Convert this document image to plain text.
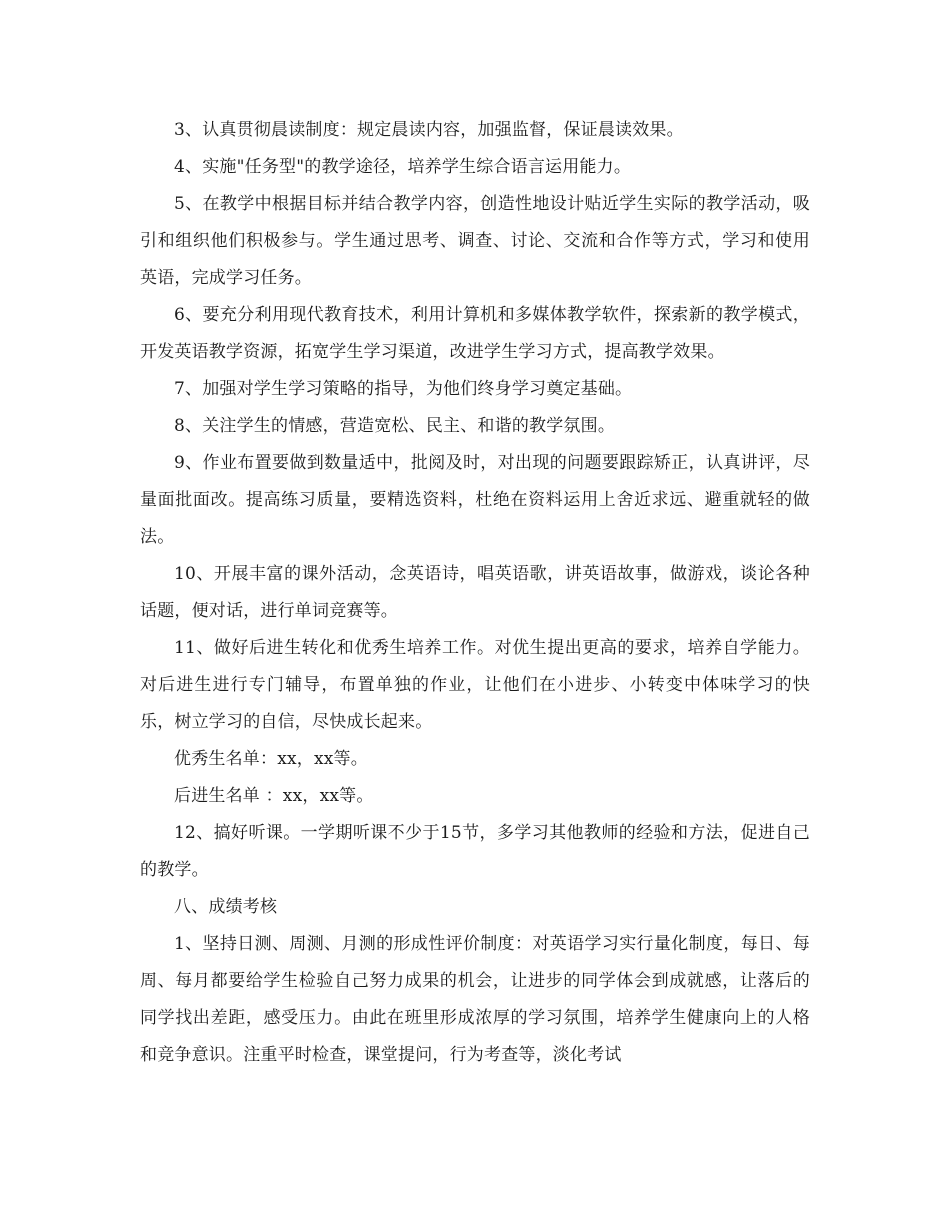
3、认真贯彻晨读制度：规定晨读内容，加强监督，保证晨读效果。

4、实施"任务型"的教学途径，培养学生综合语言运用能力。

5、在教学中根据目标并结合教学内容，创造性地设计贴近学生实际的教学活动，吸引和组织他们积极参与。学生通过思考、调查、讨论、交流和合作等方式，学习和使用英语，完成学习任务。

6、要充分利用现代教育技术，利用计算机和多媒体教学软件，探索新的教学模式，开发英语教学资源，拓宽学生学习渠道，改进学生学习方式，提高教学效果。

7、加强对学生学习策略的指导，为他们终身学习奠定基础。

8、关注学生的情感，营造宽松、民主、和谐的教学氛围。

9、作业布置要做到数量适中，批阅及时，对出现的问题要跟踪矫正，认真讲评，尽量面批面改。提高练习质量，要精选资料，杜绝在资料运用上舍近求远、避重就轻的做法。

10、开展丰富的课外活动，念英语诗，唱英语歌，讲英语故事，做游戏，谈论各种话题，便对话，进行单词竞赛等。

11、做好后进生转化和优秀生培养工作。对优生提出更高的要求，培养自学能力。对后进生进行专门辅导，布置单独的作业，让他们在小进步、小转变中体味学习的快乐，树立学习的自信，尽快成长起来。

优秀生名单：xx，xx等。

后进生名单 ：xx，xx等。

12、搞好听课。一学期听课不少于15节，多学习其他教师的经验和方法，促进自己的教学。

八、成绩考核

1、坚持日测、周测、月测的形成性评价制度：对英语学习实行量化制度，每日、每周、每月都要给学生检验自己努力成果的机会，让进步的同学体会到成就感，让落后的同学找出差距，感受压力。由此在班里形成浓厚的学习氛围，培养学生健康向上的人格和竞争意识。注重平时检查，课堂提问，行为考查等，淡化考试
